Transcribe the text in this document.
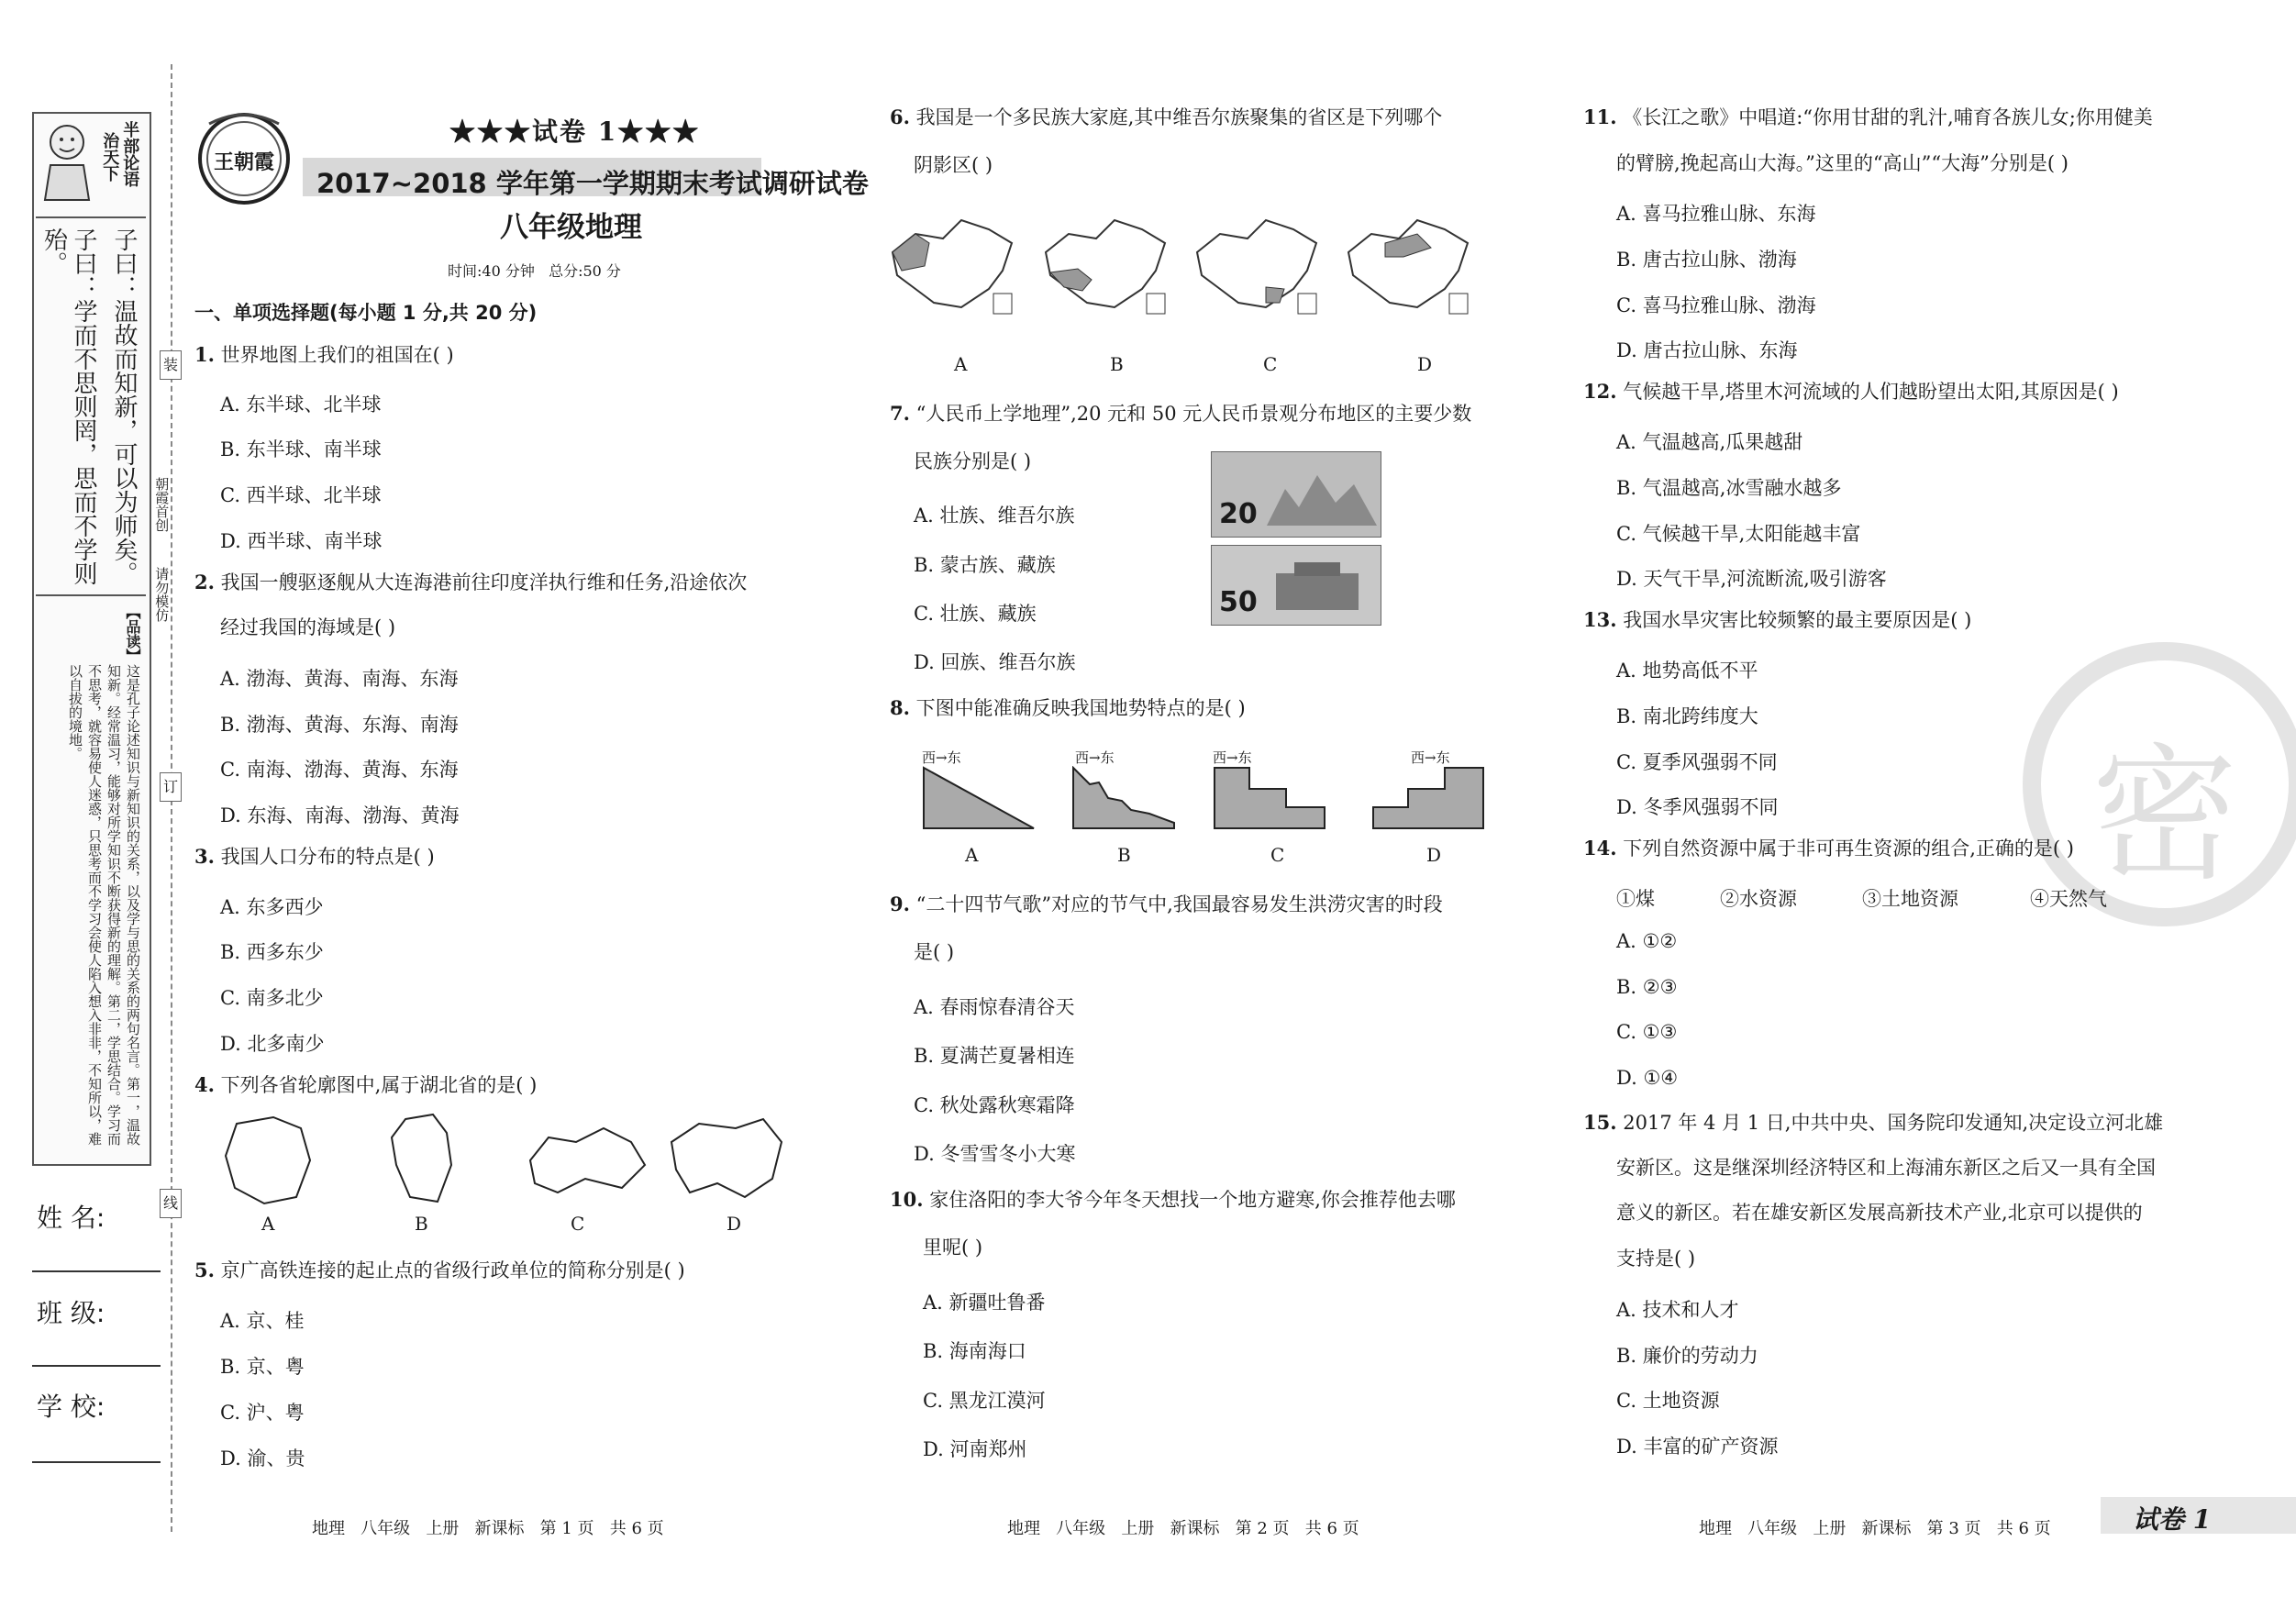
半部论语
治天下
子曰：温故而知新，可以为师矣。
子曰：学而不思则罔，思而不学则殆。
【品读】
这是孔子论述知识与新知识的关系，以及学与思的关系的两句名言。第一，温故知新。经常温习，能够对所学知识不断获得新的理解。第二，学思结合。学习而不思考，就容易使人迷惑，只思考而不学习会使人陷入想入非非，不知所以，难以自拔的境地。
装
订
线
朝霞首创
请勿模仿
姓 名:
班 级:
学 校:
王朝霞
★★★试卷 1★★★
2017~2018 学年第一学期期末考试调研试卷
八年级地理
时间:40 分钟   总分:50 分
一、单项选择题(每小题 1 分,共 20 分)
1. 世界地图上我们的祖国在( )
A. 东半球、北半球
B. 东半球、南半球
C. 西半球、北半球
D. 西半球、南半球
2. 我国一艘驱逐舰从大连海港前往印度洋执行维和任务,沿途依次
经过我国的海域是( )
A. 渤海、黄海、南海、东海
B. 渤海、黄海、东海、南海
C. 南海、渤海、黄海、东海
D. 东海、南海、渤海、黄海
3. 我国人口分布的特点是( )
A. 东多西少
B. 西多东少
C. 南多北少
D. 北多南少
4. 下列各省轮廓图中,属于湖北省的是( )
A	B	C	D
5. 京广高铁连接的起止点的省级行政单位的简称分别是( )
A. 京、桂
B. 京、粤
C. 沪、粤
D. 渝、贵
6. 我国是一个多民族大家庭,其中维吾尔族聚集的省区是下列哪个
阴影区( )
A	B	C	D
7. “人民币上学地理”,20 元和 50 元人民币景观分布地区的主要少数
民族分别是( )
A. 壮族、维吾尔族
B. 蒙古族、藏族
C. 壮族、藏族
D. 回族、维吾尔族
20
50
8. 下图中能准确反映我国地势特点的是( )
西→东	西→东	西→东	西→东
A	B	C	D
9. “二十四节气歌”对应的节气中,我国最容易发生洪涝灾害的时段
是( )
A. 春雨惊春清谷天
B. 夏满芒夏暑相连
C. 秋处露秋寒霜降
D. 冬雪雪冬小大寒
10. 家住洛阳的李大爷今年冬天想找一个地方避寒,你会推荐他去哪
里呢( )
A. 新疆吐鲁番
B. 海南海口
C. 黑龙江漠河
D. 河南郑州
密
11. 《长江之歌》中唱道:“你用甘甜的乳汁,哺育各族儿女;你用健美
的臂膀,挽起高山大海。”这里的“高山”“大海”分别是( )
A. 喜马拉雅山脉、东海
B. 唐古拉山脉、渤海
C. 喜马拉雅山脉、渤海
D. 唐古拉山脉、东海
12. 气候越干旱,塔里木河流域的人们越盼望出太阳,其原因是( )
A. 气温越高,瓜果越甜
B. 气温越高,冰雪融水越多
C. 气候越干旱,太阳能越丰富
D. 天气干旱,河流断流,吸引游客
13. 我国水旱灾害比较频繁的最主要原因是( )
A. 地势高低不平
B. 南北跨纬度大
C. 夏季风强弱不同
D. 冬季风强弱不同
14. 下列自然资源中属于非可再生资源的组合,正确的是( )
①煤	②水资源	③土地资源	④天然气
A. ①②
B. ②③
C. ①③
D. ①④
15. 2017 年 4 月 1 日,中共中央、国务院印发通知,决定设立河北雄
安新区。这是继深圳经济特区和上海浦东新区之后又一具有全国
意义的新区。若在雄安新区发展高新技术产业,北京可以提供的
支持是( )
A. 技术和人才
B. 廉价的劳动力
C. 土地资源
D. 丰富的矿产资源
地理   八年级   上册   新课标   第 1 页   共 6 页	地理   八年级   上册   新课标   第 2 页   共 6 页	地理   八年级   上册   新课标   第 3 页   共 6 页	试卷 1
